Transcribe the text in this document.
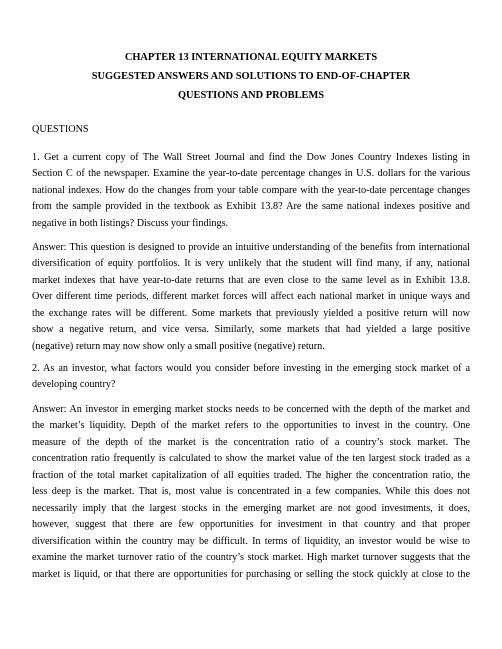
CHAPTER 13 INTERNATIONAL EQUITY MARKETS
SUGGESTED ANSWERS AND SOLUTIONS TO END-OF-CHAPTER
QUESTIONS AND PROBLEMS
QUESTIONS
1. Get a current copy of The Wall Street Journal and find the Dow Jones Country Indexes listing in
Section C of the newspaper. Examine the year-to-date percentage changes in U.S. dollars for the various
national indexes. How do the changes from your table compare with the year-to-date percentage changes
from the sample provided in the textbook as Exhibit 13.8? Are the same national indexes positive and
negative in both listings? Discuss your findings.
Answer: This question is designed to provide an intuitive understanding of the benefits from international
diversification of equity portfolios. It is very unlikely that the student will find many, if any, national
market indexes that have year-to-date returns that are even close to the same level as in Exhibit 13.8.
Over different time periods, different market forces will affect each national market in unique ways and
the exchange rates will be different. Some markets that previously yielded a positive return will now
show a negative return, and vice versa. Similarly, some markets that had yielded a large positive
(negative) return may now show only a small positive (negative) return.
2. As an investor, what factors would you consider before investing in the emerging stock market of a
developing country?
Answer: An investor in emerging market stocks needs to be concerned with the depth of the market and
the market’s liquidity. Depth of the market refers to the opportunities to invest in the country. One
measure of the depth of the market is the concentration ratio of a country’s stock market. The
concentration ratio frequently is calculated to show the market value of the ten largest stock traded as a
fraction of the total market capitalization of all equities traded. The higher the concentration ratio, the
less deep is the market. That is, most value is concentrated in a few companies. While this does not
necessarily imply that the largest stocks in the emerging market are not good investments, it does,
however, suggest that there are few opportunities for investment in that country and that proper
diversification within the country may be difficult. In terms of liquidity, an investor would be wise to
examine the market turnover ratio of the country’s stock market. High market turnover suggests that the
market is liquid, or that there are opportunities for purchasing or selling the stock quickly at close to the
